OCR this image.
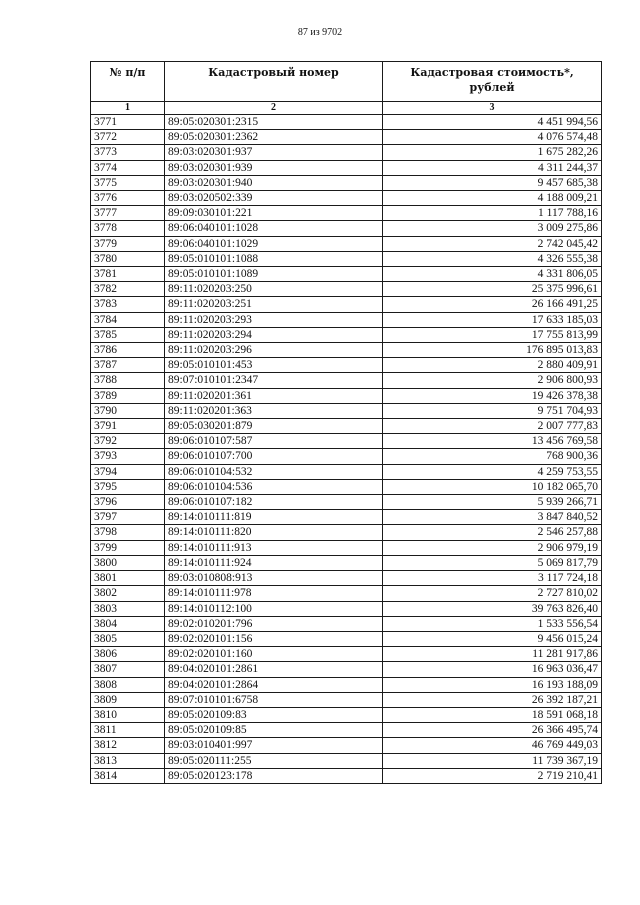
87 из 9702
№ п/п	Кадастровый номер	Кадастровая стоимость*, рублей
1	2	3
3771	89:05:020301:2315	4 451 994,56
3772	89:05:020301:2362	4 076 574,48
3773	89:03:020301:937	1 675 282,26
3774	89:03:020301:939	4 311 244,37
3775	89:03:020301:940	9 457 685,38
3776	89:03:020502:339	4 188 009,21
3777	89:09:030101:221	1 117 788,16
3778	89:06:040101:1028	3 009 275,86
3779	89:06:040101:1029	2 742 045,42
3780	89:05:010101:1088	4 326 555,38
3781	89:05:010101:1089	4 331 806,05
3782	89:11:020203:250	25 375 996,61
3783	89:11:020203:251	26 166 491,25
3784	89:11:020203:293	17 633 185,03
3785	89:11:020203:294	17 755 813,99
3786	89:11:020203:296	176 895 013,83
3787	89:05:010101:453	2 880 409,91
3788	89:07:010101:2347	2 906 800,93
3789	89:11:020201:361	19 426 378,38
3790	89:11:020201:363	9 751 704,93
3791	89:05:030201:879	2 007 777,83
3792	89:06:010107:587	13 456 769,58
3793	89:06:010107:700	768 900,36
3794	89:06:010104:532	4 259 753,55
3795	89:06:010104:536	10 182 065,70
3796	89:06:010107:182	5 939 266,71
3797	89:14:010111:819	3 847 840,52
3798	89:14:010111:820	2 546 257,88
3799	89:14:010111:913	2 906 979,19
3800	89:14:010111:924	5 069 817,79
3801	89:03:010808:913	3 117 724,18
3802	89:14:010111:978	2 727 810,02
3803	89:14:010112:100	39 763 826,40
3804	89:02:010201:796	1 533 556,54
3805	89:02:020101:156	9 456 015,24
3806	89:02:020101:160	11 281 917,86
3807	89:04:020101:2861	16 963 036,47
3808	89:04:020101:2864	16 193 188,09
3809	89:07:010101:6758	26 392 187,21
3810	89:05:020109:83	18 591 068,18
3811	89:05:020109:85	26 366 495,74
3812	89:03:010401:997	46 769 449,03
3813	89:05:020111:255	11 739 367,19
3814	89:05:020123:178	2 719 210,41
